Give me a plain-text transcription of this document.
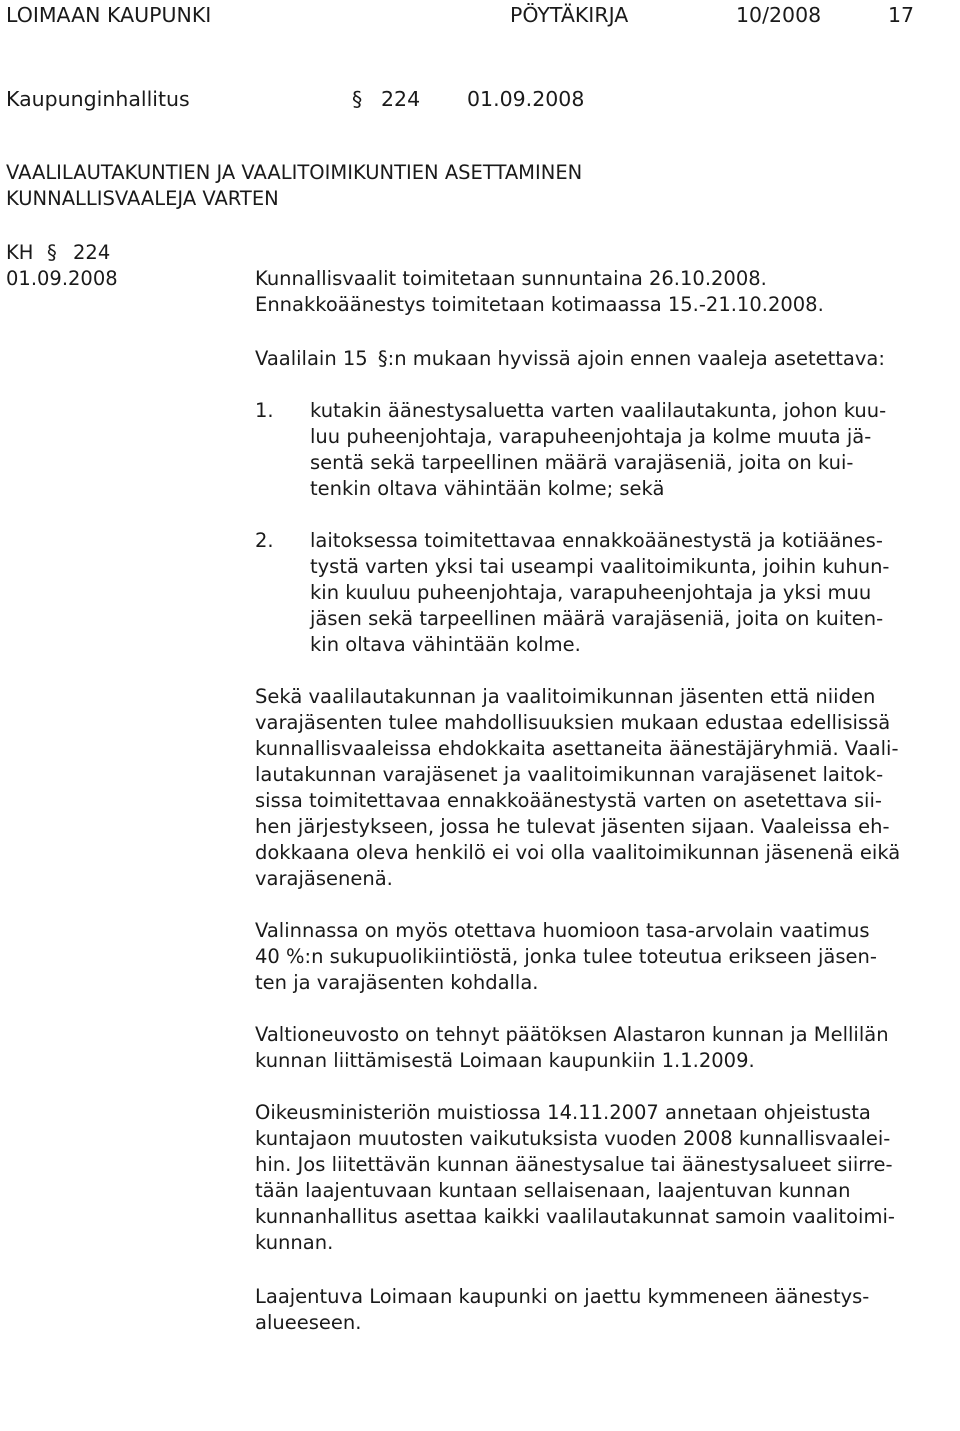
LOIMAAN KAUPUNKI	PÖYTÄKIRJA	10/2008	17
Kaupunginhallitus	§ 224 01.09.2008
VAALILAUTAKUNTIEN JA VAALITOIMIKUNTIEN ASETTAMINEN
KUNNALLISVAALEJA VARTEN
KH § 224
01.09.2008	Kunnallisvaalit toimitetaan sunnuntaina 26.10.2008.
Ennakkoäänestys toimitetaan kotimaassa 15.-21.10.2008.
Vaalilain 15 §:n mukaan hyvissä ajoin ennen vaaleja asetettava:
1. kutakin äänestysaluetta varten vaalilautakunta, johon kuu-
luu puheenjohtaja, varapuheenjohtaja ja kolme muuta jä-
sentä sekä tarpeellinen määrä varajäseniä, joita on kui-
tenkin oltava vähintään kolme; sekä

2. laitoksessa toimitettavaa ennakkoäänestystä ja kotiäänes-
tystä varten yksi tai useampi vaalitoimikunta, joihin kuhun-
kin kuuluu puheenjohtaja, varapuheenjohtaja ja yksi muu
jäsen sekä tarpeellinen määrä varajäseniä, joita on kuiten-
kin oltava vähintään kolme.

Sekä vaalilautakunnan ja vaalitoimikunnan jäsenten että niiden
varajäsenten tulee mahdollisuuksien mukaan edustaa edellisissä
kunnallisvaaleissa ehdokkaita asettaneita äänestäjäryhmiä. Vaali-
lautakunnan varajäsenet ja vaalitoimikunnan varajäsenet laitok-
sissa toimitettavaa ennakkoäänestystä varten on asetettava sii-
hen järjestykseen, jossa he tulevat jäsenten sijaan. Vaaleissa eh-
dokkaana oleva henkilö ei voi olla vaalitoimikunnan jäsenenä eikä
varajäsenenä.

Valinnassa on myös otettava huomioon tasa-arvolain vaatimus
40 %:n sukupuolikiintiöstä, jonka tulee toteutua erikseen jäsen-
ten ja varajäsenten kohdalla.

Valtioneuvosto on tehnyt päätöksen Alastaron kunnan ja Mellilän
kunnan liittämisestä Loimaan kaupunkiin 1.1.2009.

Oikeusministeriön muistiossa 14.11.2007 annetaan ohjeistusta
kuntajaon muutosten vaikutuksista vuoden 2008 kunnallisvaalei-
hin. Jos liitettävän kunnan äänestysalue tai äänestysalueet siirre-
tään laajentuvaan kuntaan sellaisenaan, laajentuvan kunnan
kunnanhallitus asettaa kaikki vaalilautakunnat samoin vaalitoimi-
kunnan.

Laajentuva Loimaan kaupunki on jaettu kymmeneen äänestys-
alueeseen.
